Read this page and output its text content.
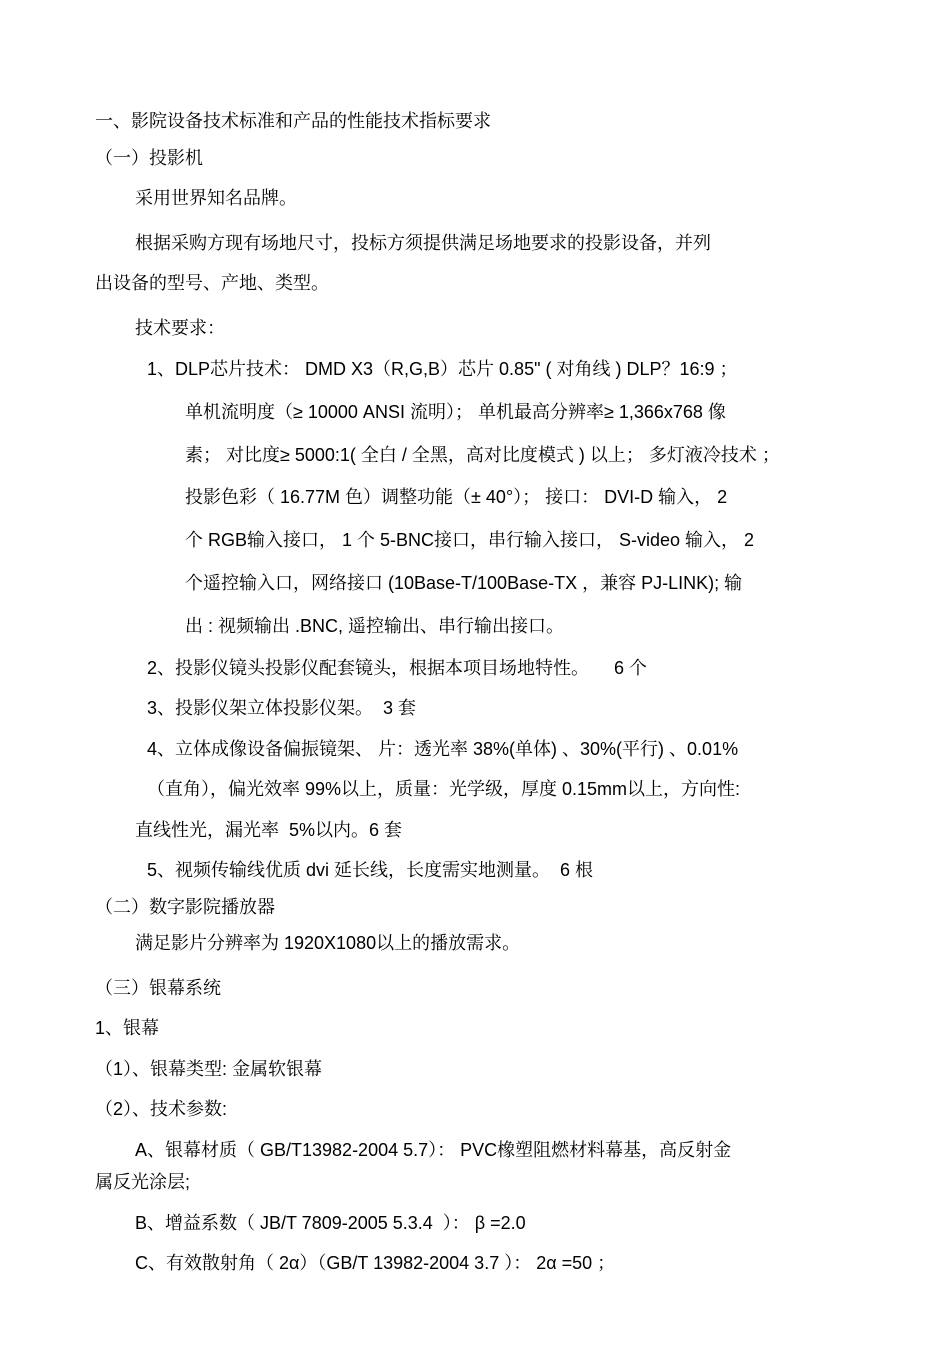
一、影院设备技术标准和产品的性能技术指标要求

（一）投影机

采用世界知名品牌。

根据采购方现有场地尺寸，投标方须提供满足场地要求的投影设备，并列

出设备的型号、产地、类型。

技术要求：

1、DLP芯片技术： DMD X3（R,G,B）芯片 0.85" ( 对角线 ) DLP？16:9 ；

单机流明度（≥ 10000 ANSI 流明）； 单机最高分辨率≥ 1,366x768 像

素； 对比度≥ 5000:1( 全白 / 全黑，高对比度模式 ) 以上； 多灯液冷技术 ；

投影色彩（ 16.77M 色）调整功能（± 40°）； 接口： DVI-D 输入， 2

个 RGB输入接口， 1 个 5-BNC接口，串行输入接口， S-video 输入， 2

个遥控输入口，网络接口 (10Base-T/100Base-TX ，兼容 PJ-LINK); 输

出 : 视频输出 .BNC, 遥控输出、串行输出接口。

2、投影仪镜头投影仪配套镜头，根据本项目场地特性。     6 个

3、投影仪架立体投影仪架。  3 套

4、立体成像设备偏振镜架、 片：透光率 38%(单体) 、30%(平行) 、0.01%

（直角），偏光效率 99%以上，质量：光学级，厚度 0.15mm以上，方向性:

直线性光，漏光率  5%以内。6 套

5、视频传输线优质 dvi 延长线，长度需实地测量。  6 根

（二）数字影院播放器

满足影片分辨率为 1920X1080以上的播放需求。

（三）银幕系统

1、银幕

（1）、银幕类型: 金属软银幕

（2）、技术参数:

A、银幕材质（ GB/T13982-2004 5.7）： PVC橡塑阻燃材料幕基，高反射金

属反光涂层;

B、增益系数（ JB/T 7809-2005 5.3.4  ）： β =2.0

C、有效散射角（ 2α）（GB/T 13982-2004 3.7 ）： 2α =50 ；
